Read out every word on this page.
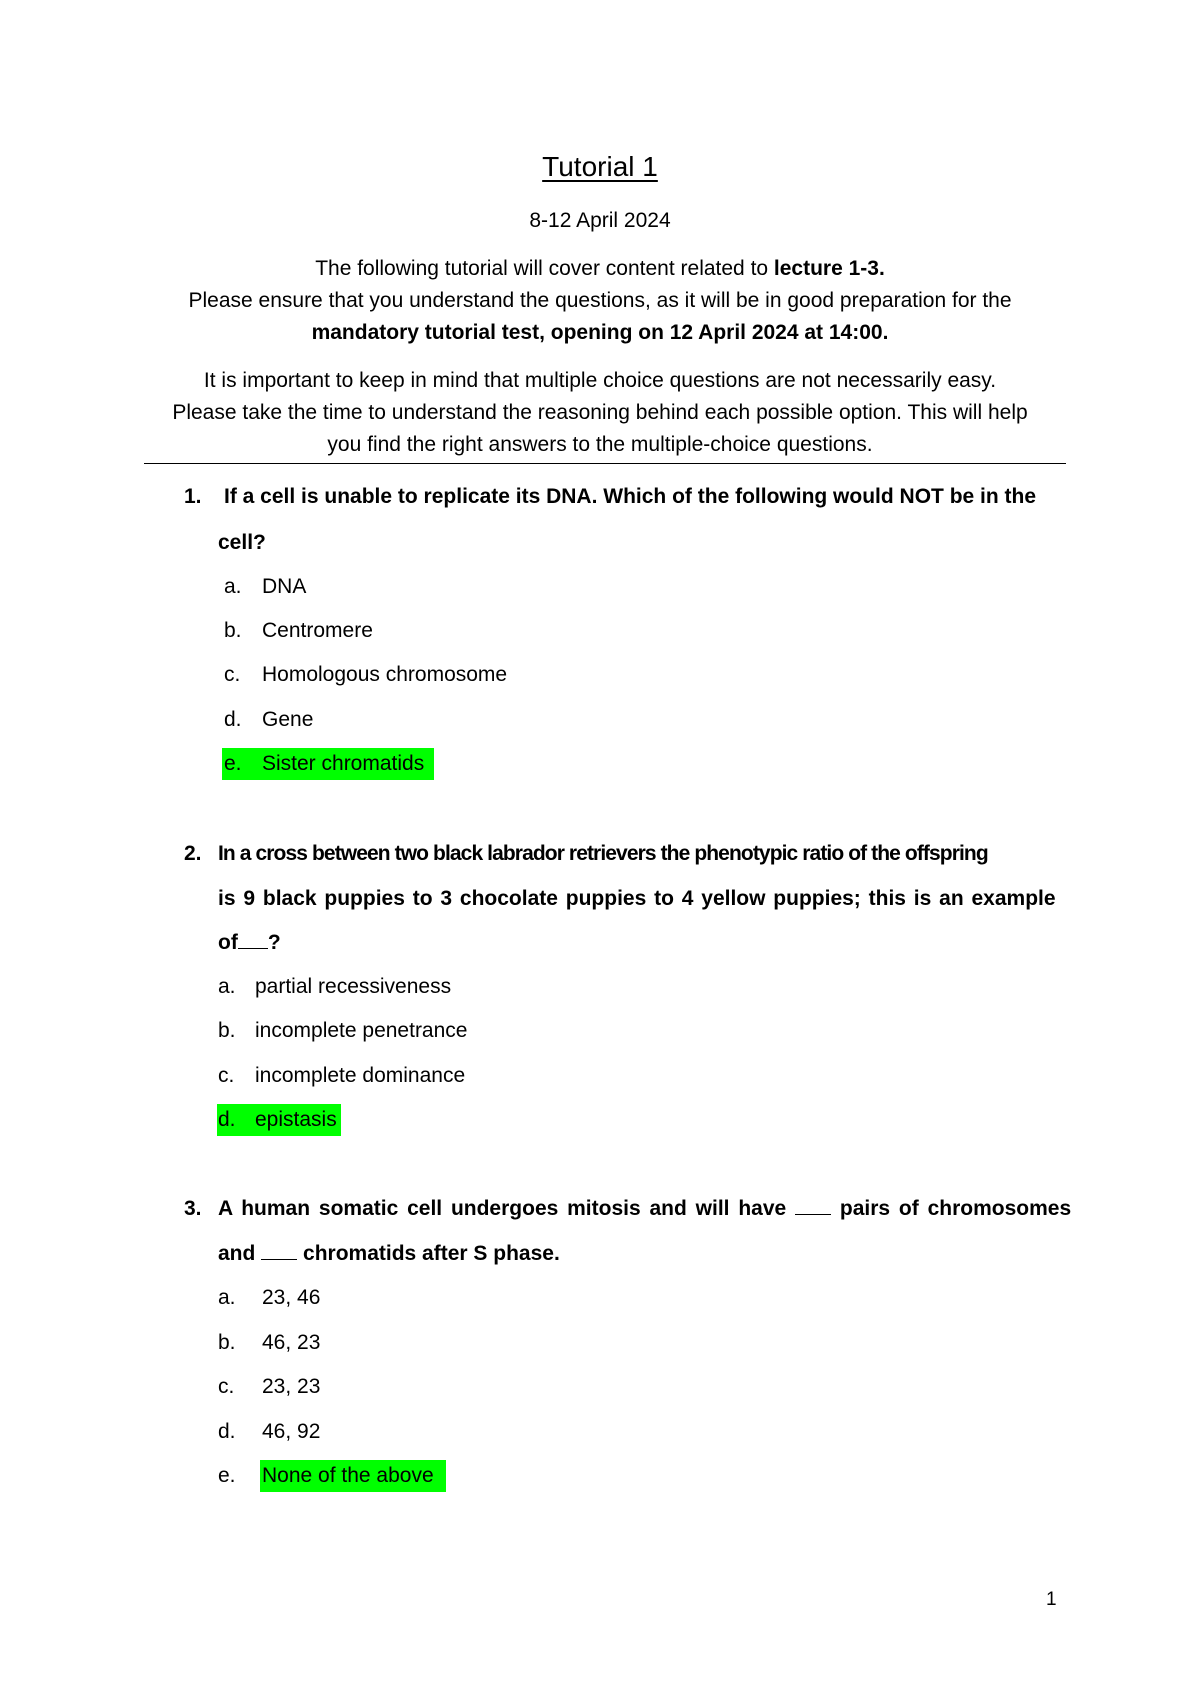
Tutorial 1
8-12 April 2024
The following tutorial will cover content related to lecture 1-3.
Please ensure that you understand the questions, as it will be in good preparation for the
mandatory tutorial test, opening on 12 April 2024 at 14:00.
It is important to keep in mind that multiple choice questions are not necessarily easy.
Please take the time to understand the reasoning behind each possible option. This will help
you find the right answers to the multiple-choice questions.
1. If a cell is unable to replicate its DNA. Which of the following would NOT be in the
cell?
a. DNA
b. Centromere
c. Homologous chromosome
d. Gene
e. Sister chromatids
2. In a cross between two black labrador retrievers the phenotypic ratio of the offspring
is 9 black puppies to 3 chocolate puppies to 4 yellow puppies; this is an example
of ?
a. partial recessiveness
b. incomplete penetrance
c. incomplete dominance
d. epistasis
3. A human somatic cell undergoes mitosis and will have	pairs of chromosomes
and chromatids after S phase.
a. 23, 46
b. 46, 23
c. 23, 23
d. 46, 92
e. None of the above
1
